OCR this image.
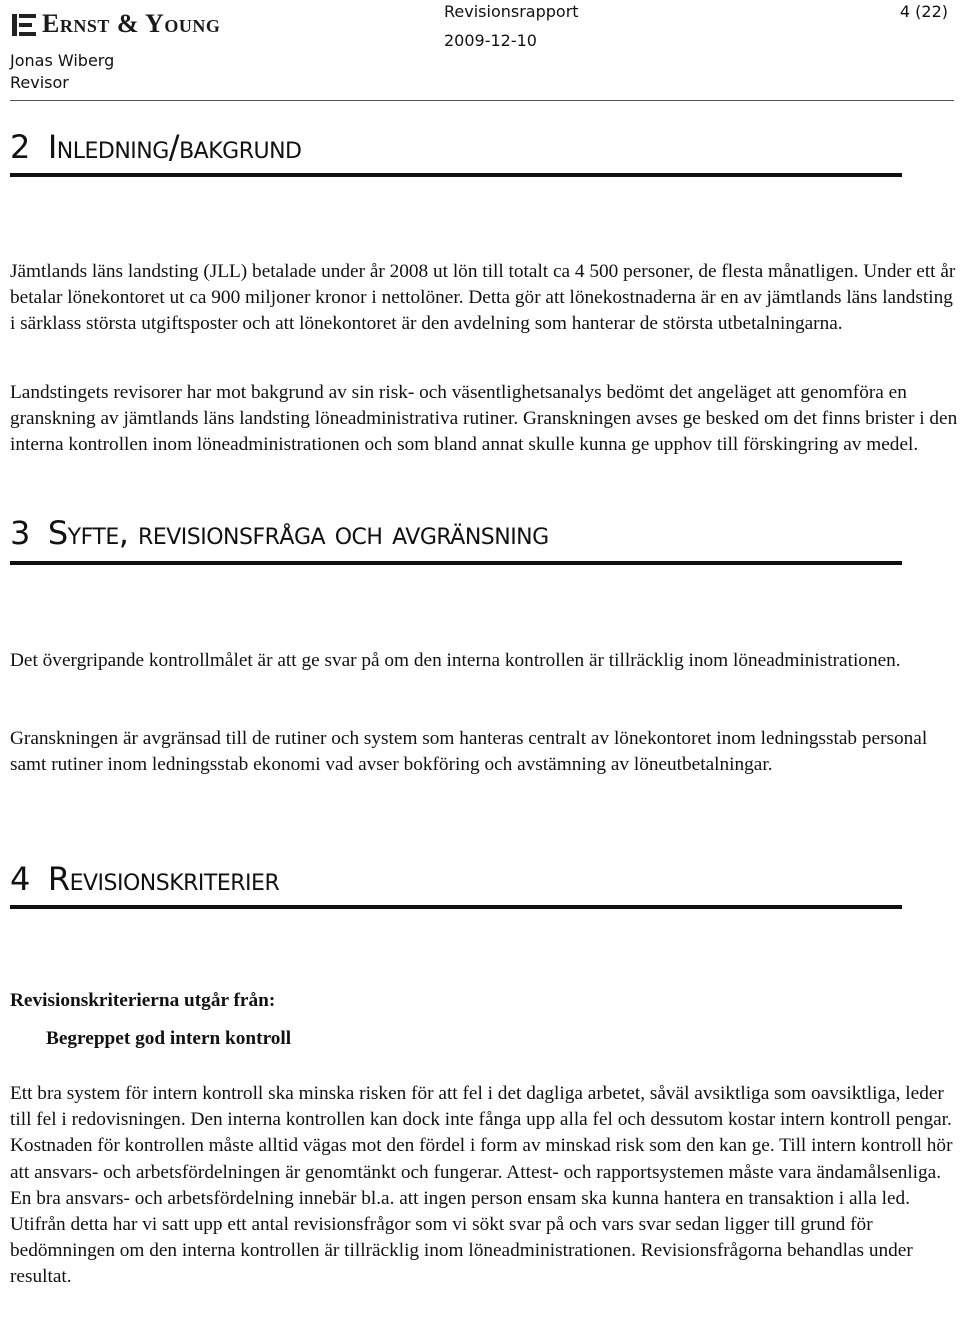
Ernst & Young
Jonas Wiberg
Revisor
Revisionsrapport
2009-12-10
4 (22)
2 Inledning/bakgrund

Jämtlands läns landsting (JLL) betalade under år 2008 ut lön till totalt ca 4 500 personer, de flesta månatligen. Under ett år betalar lönekontoret ut ca 900 miljoner kronor i nettolöner. Detta gör att lönekostnaderna är en av jämtlands läns landsting i särklass största utgiftsposter och att lönekontoret är den avdelning som hanterar de största utbetalningarna.

Landstingets revisorer har mot bakgrund av sin risk- och väsentlighetsanalys bedömt det angeläget att genomföra en granskning av jämtlands läns landsting löneadministrativa rutiner. Granskningen avses ge besked om det finns brister i den interna kontrollen inom löneadministrationen och som bland annat skulle kunna ge upphov till förskingring av medel.

3 Syfte, revisionsfråga och avgränsning

Det övergripande kontrollmålet är att ge svar på om den interna kontrollen är tillräcklig inom löneadministrationen.

Granskningen är avgränsad till de rutiner och system som hanteras centralt av lönekontoret inom ledningsstab personal samt rutiner inom ledningsstab ekonomi vad avser bokföring och avstämning av löneutbetalningar.

4 Revisionskriterier
Revisionskriterierna utgår från:
Begreppet god intern kontroll

Ett bra system för intern kontroll ska minska risken för att fel i det dagliga arbetet, såväl avsiktliga som oavsiktliga, leder till fel i redovisningen. Den interna kontrollen kan dock inte fånga upp alla fel och dessutom kostar intern kontroll pengar. Kostnaden för kontrollen måste alltid vägas mot den fördel i form av minskad risk som den kan ge. Till intern kontroll hör att ansvars- och arbetsfördelningen är genomtänkt och fungerar. Attest- och rapportsystemen måste vara ändamålsenliga. En bra ansvars- och arbetsfördelning innebär bl.a. att ingen person ensam ska kunna hantera en transaktion i alla led. Utifrån detta har vi satt upp ett antal revisionsfrågor som vi sökt svar på och vars svar sedan ligger till grund för bedömningen om den interna kontrollen är tillräcklig inom löneadministrationen. Revisionsfrågorna behandlas under resultat.
